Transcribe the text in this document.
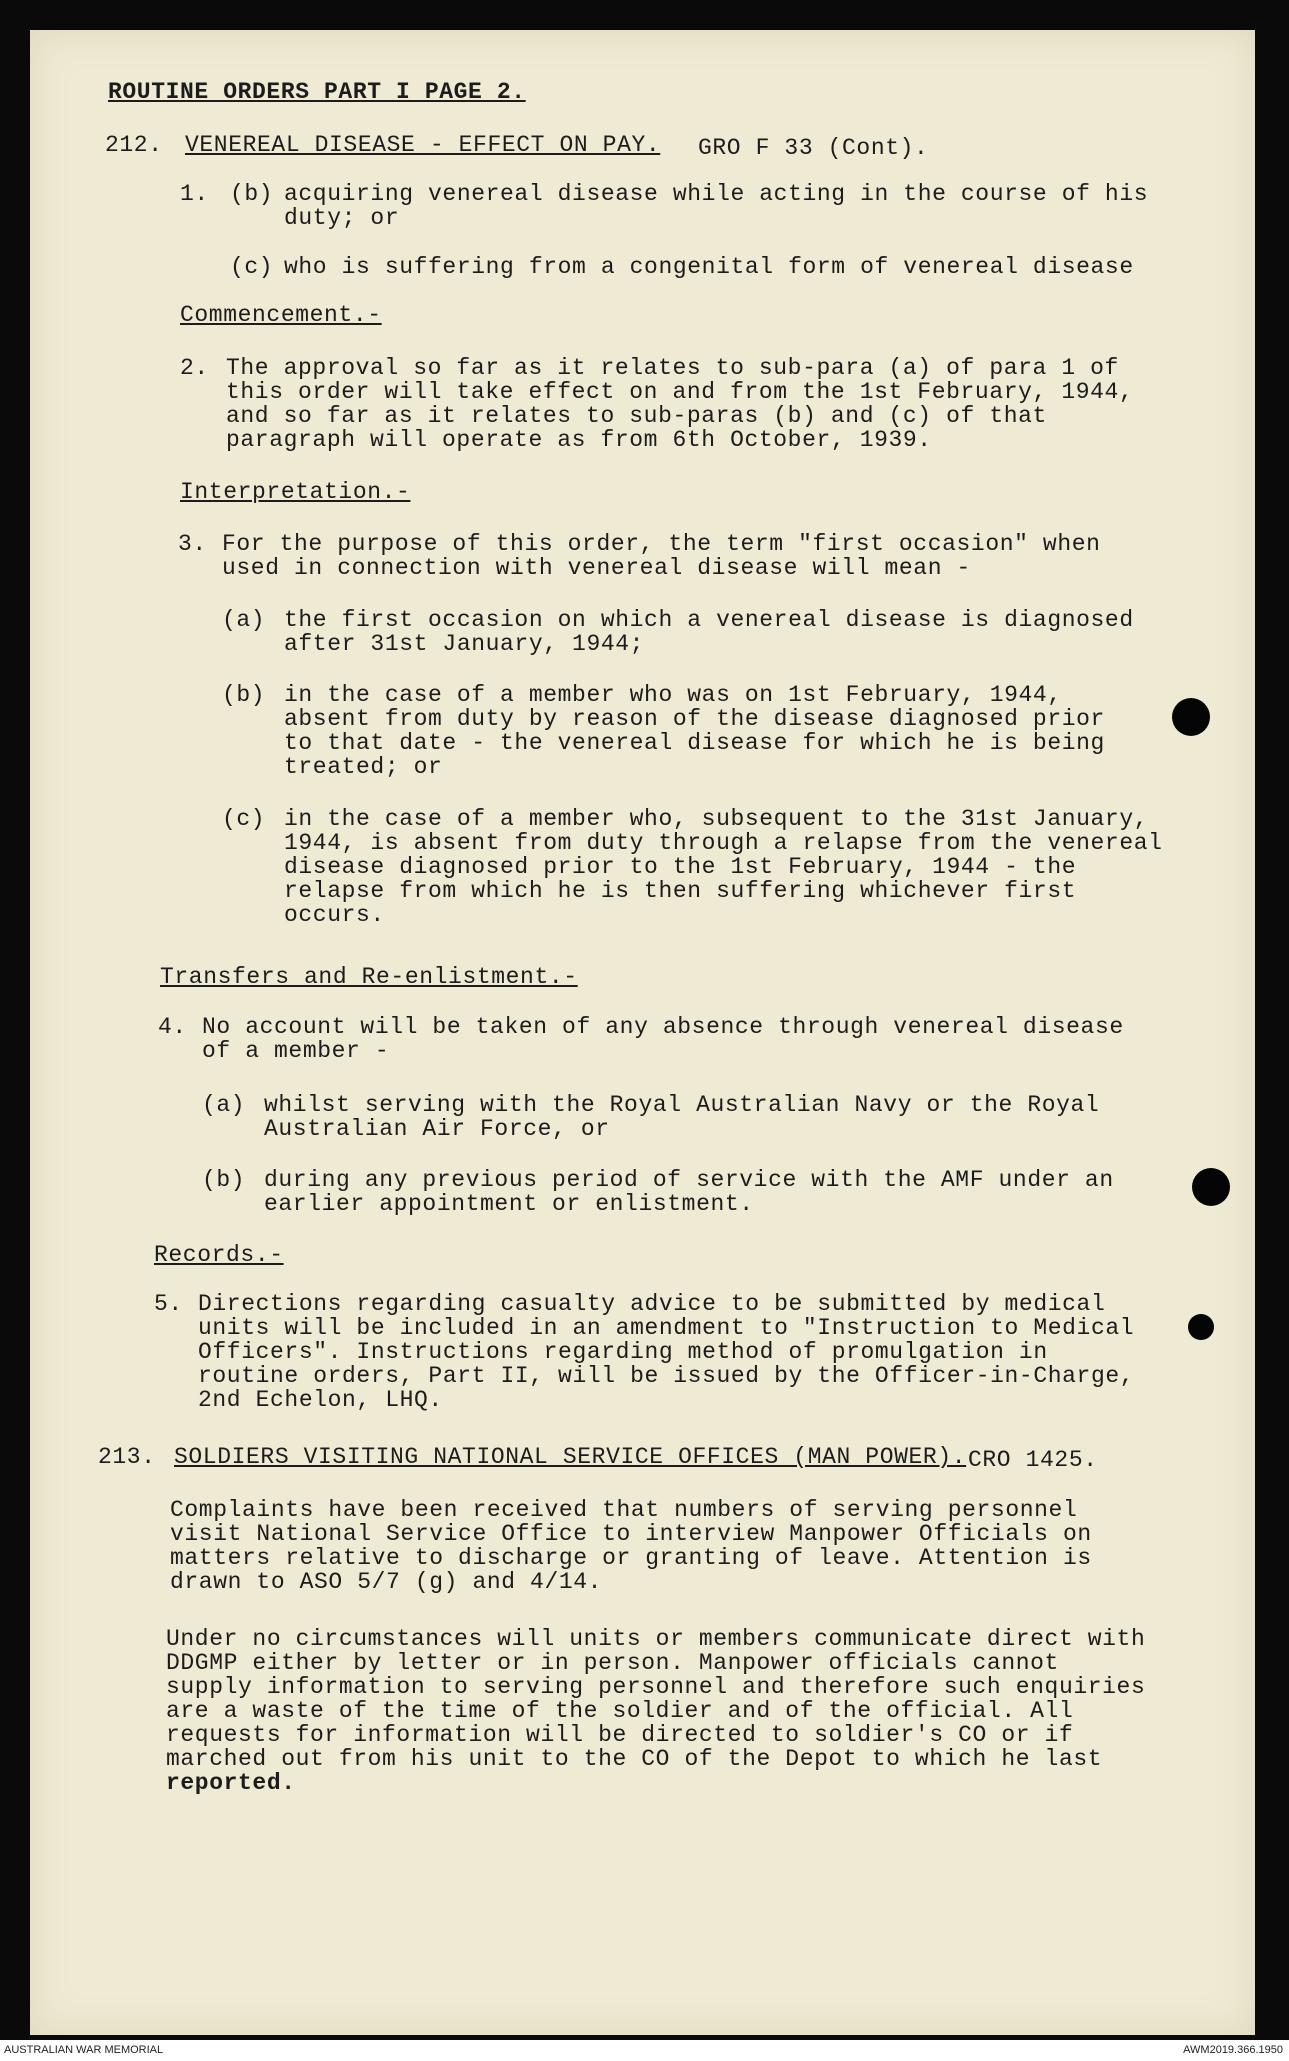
ROUTINE ORDERS PART I PAGE 2.
212. VENEREAL DISEASE - EFFECT ON PAY. GRO F 33 (Cont).
1. (b) acquiring venereal disease while acting in the course of his
duty; or
(c) who is suffering from a congenital form of venereal disease
Commencement.-
2. The approval so far as it relates to sub-para (a) of para 1 of
this order will take effect on and from the 1st February, 1944,
and so far as it relates to sub-paras (b) and (c) of that
paragraph will operate as from 6th October, 1939.
Interpretation.-
3. For the purpose of this order, the term "first occasion" when
used in connection with venereal disease will mean -
(a) the first occasion on which a venereal disease is diagnosed
after 31st January, 1944;
(b) in the case of a member who was on 1st February, 1944,
absent from duty by reason of the disease diagnosed prior
to that date - the venereal disease for which he is being
treated; or
(c) in the case of a member who, subsequent to the 31st January,
1944, is absent from duty through a relapse from the venereal
disease diagnosed prior to the 1st February, 1944 - the
relapse from which he is then suffering whichever first
occurs.
Transfers and Re-enlistment.-
4. No account will be taken of any absence through venereal disease
of a member -
(a) whilst serving with the Royal Australian Navy or the Royal
Australian Air Force, or
(b) during any previous period of service with the AMF under an
earlier appointment or enlistment.
Records.-
5. Directions regarding casualty advice to be submitted by medical
units will be included in an amendment to "Instruction to Medical
Officers". Instructions regarding method of promulgation in
routine orders, Part II, will be issued by the Officer-in-Charge,
2nd Echelon, LHQ.
213. SOLDIERS VISITING NATIONAL SERVICE OFFICES (MAN POWER). CRO 1425.
Complaints have been received that numbers of serving personnel
visit National Service Office to interview Manpower Officials on
matters relative to discharge or granting of leave. Attention is
drawn to ASO 5/7 (g) and 4/14.
Under no circumstances will units or members communicate direct with
DDGMP either by letter or in person. Manpower officials cannot
supply information to serving personnel and therefore such enquiries
are a waste of the time of the soldier and of the official. All
requests for information will be directed to soldier's CO or if
marched out from his unit to the CO of the Depot to which he last
reported.
AUSTRALIAN WAR MEMORIAL	AWM2019.366.1950
